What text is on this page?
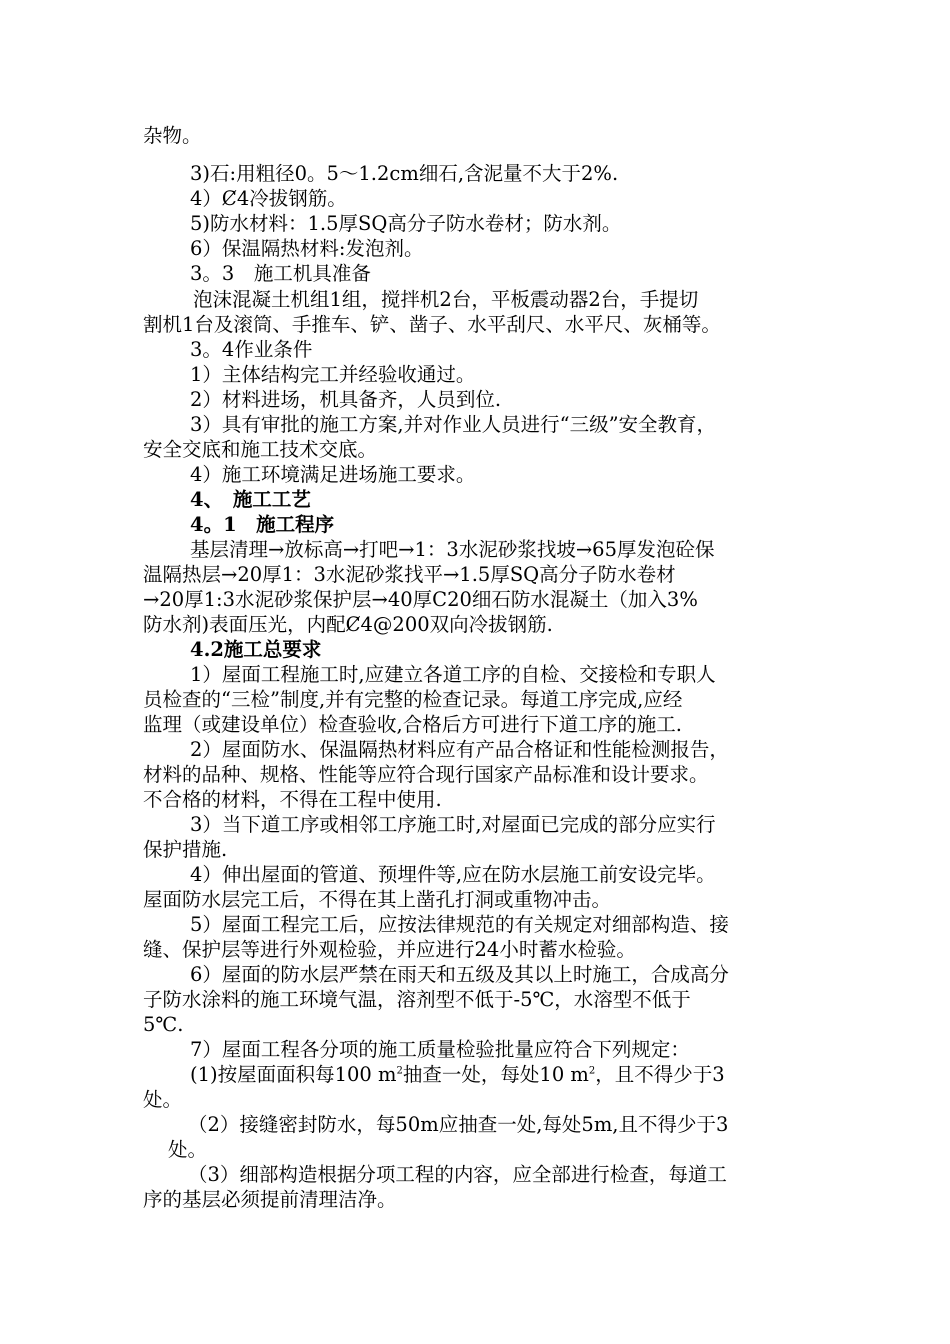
杂物。

3)石:用粗径0。5～1.2cm细石,含泥量不大于2%.

4）Ȼ4冷拔钢筋。

5)防水材料：1.5厚SQ高分子防水卷材；防水剂。

6）保温隔热材料:发泡剂。

3。3　施工机具准备

泡沫混凝土机组1组，搅拌机2台，平板震动器2台，手提切

割机1台及滚筒、手推车、铲、凿子、水平刮尺、水平尺、灰桶等。

3。4作业条件

1）主体结构完工并经验收通过。

2）材料进场，机具备齐，人员到位.

3）具有审批的施工方案,并对作业人员进行“三级”安全教育，

安全交底和施工技术交底。

4）施工环境满足进场施工要求。

4、　施工工艺

4。1　施工程序

基层清理→放标高→打吧→1：3水泥砂浆找坡→65厚发泡砼保

温隔热层→20厚1：3水泥砂浆找平→1.5厚SQ高分子防水卷材

→20厚1:3水泥砂浆保护层→40厚C20细石防水混凝土（加入3%

防水剂)表面压光，内配Ȼ4@200双向冷拔钢筋.

4.2施工总要求

1）屋面工程施工时,应建立各道工序的自检、交接检和专职人

员检查的“三检”制度,并有完整的检查记录。每道工序完成,应经

监理（或建设单位）检查验收,合格后方可进行下道工序的施工.

2）屋面防水、保温隔热材料应有产品合格证和性能检测报告，

材料的品种、规格、性能等应符合现行国家产品标准和设计要求。

不合格的材料，不得在工程中使用.

3）当下道工序或相邻工序施工时,对屋面已完成的部分应实行

保护措施.

4）伸出屋面的管道、预埋件等,应在防水层施工前安设完毕。

屋面防水层完工后，不得在其上凿孔打洞或重物冲击。

5）屋面工程完工后，应按法律规范的有关规定对细部构造、接

缝、保护层等进行外观检验，并应进行24小时蓄水检验。

6）屋面的防水层严禁在雨天和五级及其以上时施工，合成高分

子防水涂料的施工环境气温，溶剂型不低于-5℃，水溶型不低于

5℃.

7）屋面工程各分项的施工质量检验批量应符合下列规定：

(1)按屋面面积每100 $m^2$抽查一处，每处10 $m^2$，且不得少于3

处。

（2）接缝密封防水，每50m应抽查一处,每处5m,且不得少于3

处。

（3）细部构造根据分项工程的内容，应全部进行检查，每道工

序的基层必须提前清理洁净。
